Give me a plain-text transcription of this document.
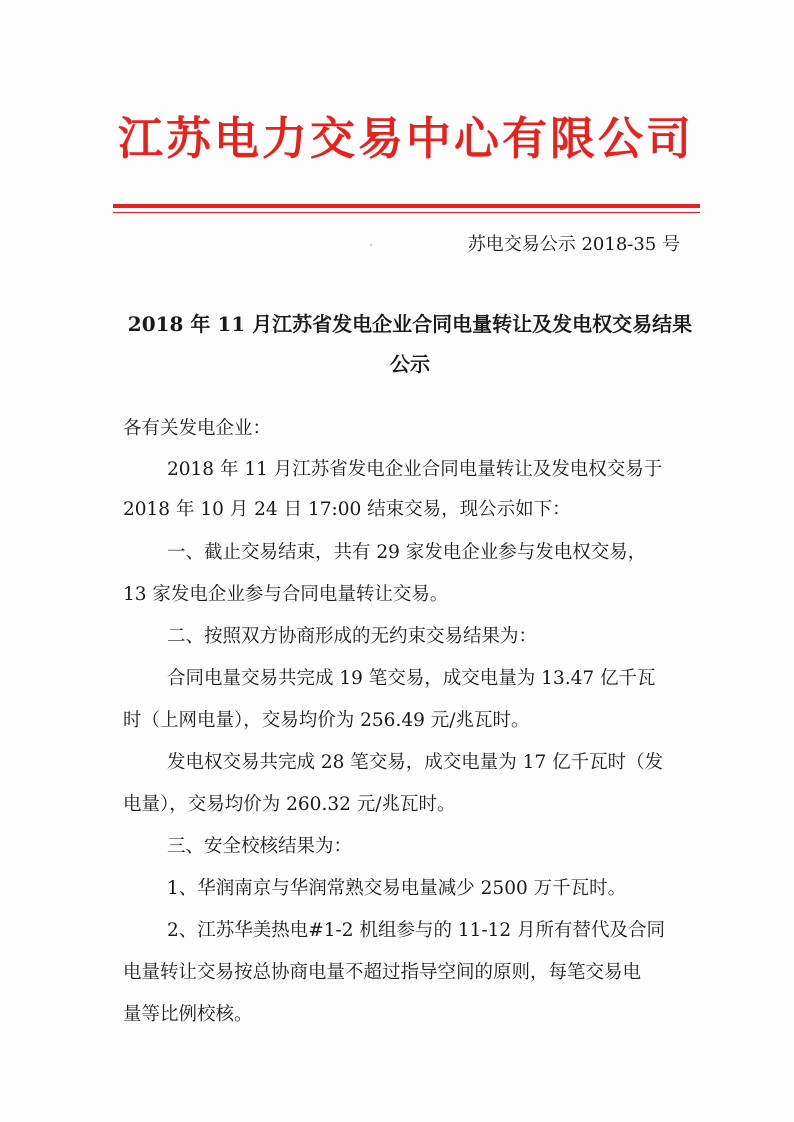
江苏电力交易中心有限公司
苏电交易公示 2018-35 号
2018 年 11 月江苏省发电企业合同电量转让及发电权交易结果公示
各有关发电企业：
2018 年 11 月江苏省发电企业合同电量转让及发电权交易于
2018 年 10 月 24 日 17:00 结束交易，现公示如下：
一、截止交易结束，共有 29 家发电企业参与发电权交易，
13 家发电企业参与合同电量转让交易。
二、按照双方协商形成的无约束交易结果为：
合同电量交易共完成 19 笔交易，成交电量为 13.47 亿千瓦
时（上网电量），交易均价为 256.49 元/兆瓦时。
发电权交易共完成 28 笔交易，成交电量为 17 亿千瓦时（发
电量），交易均价为 260.32 元/兆瓦时。
三、安全校核结果为：
1、华润南京与华润常熟交易电量减少 2500 万千瓦时。
2、江苏华美热电#1-2 机组参与的 11-12 月所有替代及合同
电量转让交易按总协商电量不超过指导空间的原则，每笔交易电
量等比例校核。
